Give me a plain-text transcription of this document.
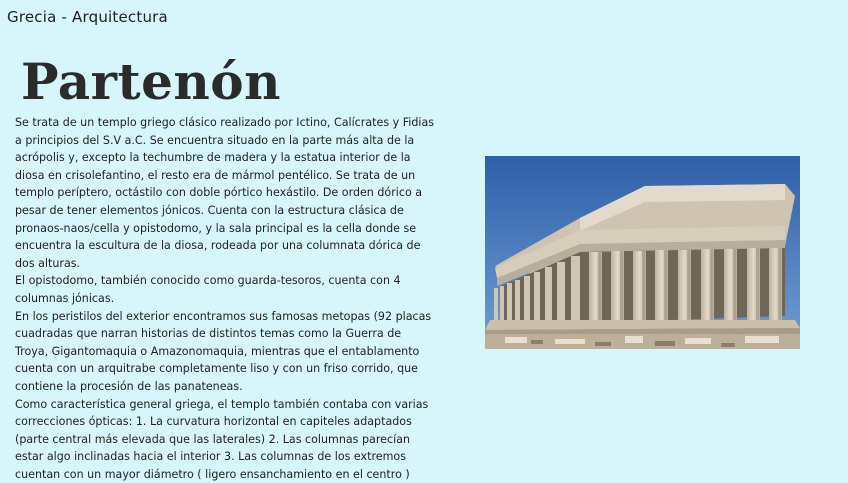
Grecia - Arquitectura
Partenón

Se trata de un templo griego clásico realizado por Ictino, Calícrates y Fidias a principios del S.V a.C. Se encuentra situado en la parte más alta de la acrópolis y, excepto la techumbre de madera y la estatua interior de la diosa en crisolefantino, el resto era de mármol pentélico. Se trata de un templo períptero, octástilo con doble pórtico hexástilo. De orden dórico a pesar de tener elementos jónicos. Cuenta con la estructura clásica de pronaos-naos/cella y opistodomo, y la sala principal es la cella donde se encuentra la escultura de la diosa, rodeada por una columnata dórica de dos alturas.

El opistodomo, también conocido como guarda-tesoros, cuenta con 4 columnas jónicas.

En los peristilos del exterior encontramos sus famosas metopas (92 placas cuadradas que narran historias de distintos temas como la Guerra de Troya, Gigantomaquia o Amazonomaquia, mientras que el entablamento cuenta con un arquitrabe completamente liso y con un friso corrido, que contiene la procesión de las panateneas.

Como característica general griega, el templo también contaba con varias correcciones ópticas: 1. La curvatura horizontal en capiteles adaptados (parte central más elevada que las laterales) 2. Las columnas parecían estar algo inclinadas hacia el interior 3. Las columnas de los extremos cuentan con un mayor diámetro ( ligero ensanchamiento en el centro )
